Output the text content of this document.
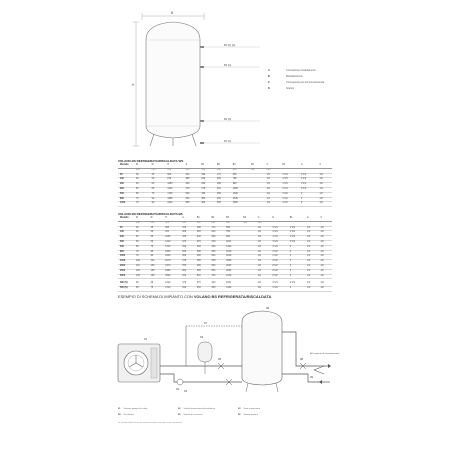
Ø
H
B4 [C] [A]
B3 [C]
B2 [A]
B1 [C]
A	Connessione riscaldamento
B	Mandata/ritorno
C	Connessione per termometro/sonda
D	Scarico
VOLANO BS REFRIGERATA/RISCALDATA WS
Modello	Ø	Ø	H	A	B1	B2	B3	B4	C	B1	A	C
	mm	mm	mm	mm	mm	mm	mm	mm	mm			
50	36	45	600	310	190	170	560		1/2	1"1/4	1"1/2	1/2
100	45	50	870	365	220	200	780		1/2	1"1/4	1"1/2	1/2
200	50	60	1250	430	240	260	920		1/2	1"1/4	1"1/2	1/2
300	60	66	1410	470	270	310	1100		1/2	1"1/4	1"1/2	1/2
500	65	75	1700	540	330	350	1320		1/2	1"1/2	2	1/2
800	79	90	1950	630	380	450	1540		1/2	1"1/2	2	1/2
1000	79	90	2240	650	400	500	1820		1/2	1"1/2	2	1/2
VOLANO BS REFRIGERATA/RISCALDATA BS
Modello	Ø	Ø	H	A	B1	B2	B3	B4	C	D	B1	A	C
	mm	mm	mm	mm	mm	mm	mm	mm	mm				
50	36	45	600	310	190	170	560		1/2	1"1/4	1"1/2	1/2	1/2
100	45	50	870	365	220	200	780		1/2	1"1/4	1"1/2	1/2	1/2
200	50	60	1250	430	240	260	920		1/2	1"1/4	1"1/2	1/2	1/2
300	60	66	1410	470	270	310	1100		1/2	1"1/4	1"1/2	1/2	1/2
500	65	75	1700	540	330	350	1320		1/2	1"1/2	2	1/2	1/2
800	79	90	1950	630	380	450	1540		1/2	1"1/2	2	1/2	1/2
1000	79	90	2240	650	400	500	1820		1/2	1"1/2	2	1/2	1/2
1500	100	110	2270	720	450	550	1850		1/2	2"1/2	3	1/2	1/2
2000	110	125	2470	780	480	600	2000		1/2	2"1/2	3	1/2	1/2
2500	125	135	2480	820	500	650	2050		1/2	2"1/2	3	1/2	1/2
3000	135	145	2530	870	520	700	2100		1/2	2"1/2	3	1/2	1/2

300 (S)	60	66	1410	470	270	310	1100		1/2	1"1/4	1"1/2	1/2	1/2
500 (S)	65	75	1700	540	330	350	1320		1/2	1"1/2	2	1/2	1/2
ESEMPIO DI SCHEMA DI IMPIANTO CON VOLANO BS REFRIGERATA/RISCALDATA
01
02
03
04
05
06
07
08
09
All' impianto di climatizzazione
01 Sistema pompa di calore	02 Valvola termostatica/miscelatrice	03 Vaso espansione
04 Circolatore	05 Valvola di sicurezza	06 Volano termico
Le caratteristiche tecniche possono subire variazioni senza preavviso.
